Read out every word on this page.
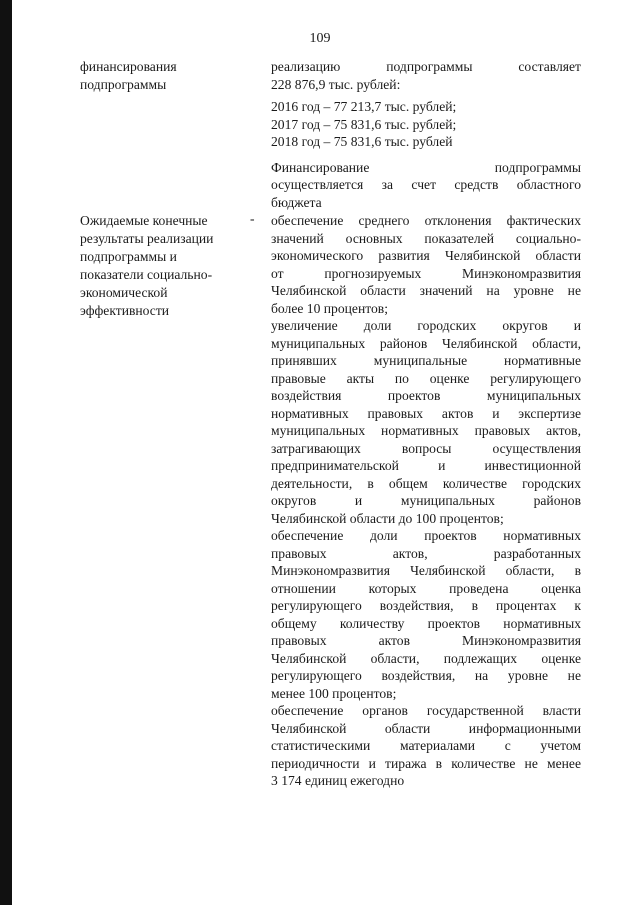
109
финансирования
подпрограммы
реализацию подпрограммы составляет
228 876,9 тыс. рублей:
2016 год – 77 213,7 тыс. рублей;
2017 год – 75 831,6 тыс. рублей;
2018 год – 75 831,6 тыс. рублей
Финансирование подпрограммы
осуществляется за счет средств областного
бюджета
Ожидаемые конечные
результаты реализации
подпрограммы и
показатели социально-
экономической
эффективности
- обеспечение среднего отклонения фактических
значений основных показателей социально-
экономического развития Челябинской области
от прогнозируемых Минэкономразвития
Челябинской области значений на уровне не
более 10 процентов;
увеличение доли городских округов и
муниципальных районов Челябинской области,
принявших муниципальные нормативные
правовые акты по оценке регулирующего
воздействия проектов муниципальных
нормативных правовых актов и экспертизе
муниципальных нормативных правовых актов,
затрагивающих вопросы осуществления
предпринимательской и инвестиционной
деятельности, в общем количестве городских
округов и муниципальных районов
Челябинской области до 100 процентов;
обеспечение доли проектов нормативных
правовых актов, разработанных
Минэкономразвития Челябинской области, в
отношении которых проведена оценка
регулирующего воздействия, в процентах к
общему количеству проектов нормативных
правовых актов Минэкономразвития
Челябинской области, подлежащих оценке
регулирующего воздействия, на уровне не
менее 100 процентов;
обеспечение органов государственной власти
Челябинской области информационными
статистическими материалами с учетом
периодичности и тиража в количестве не менее
3 174 единиц ежегодно
